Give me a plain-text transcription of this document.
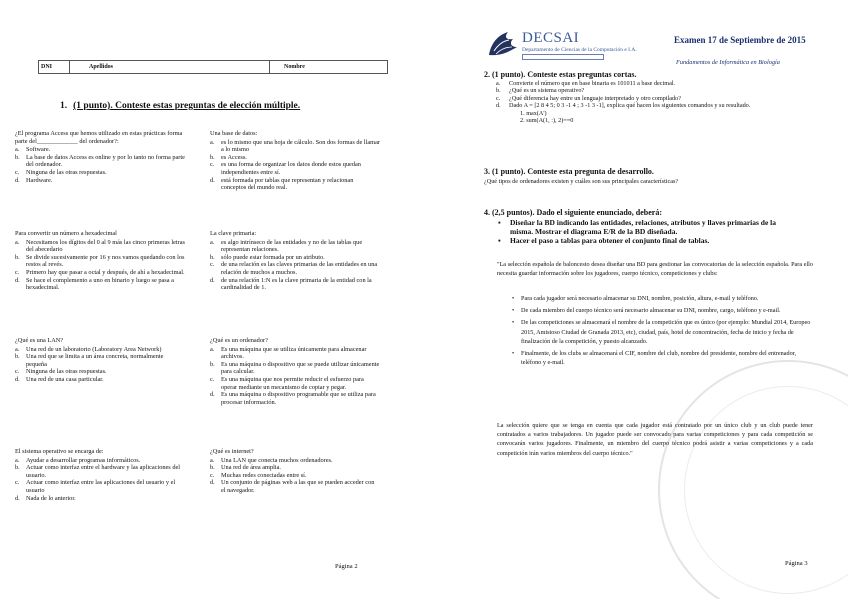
DNI	Apellidos	Nombre
1. (1 punto). Conteste estas preguntas de elección múltiple.
¿El programa Access que hemos utilizado en estas prácticas forma parte del_____________ del ordenador?:
a. Software.
b. La base de datos Access es online y por lo tanto no forma parte del ordenador.
c. Ninguna de las otras respuestas.
d. Hardware.
Una base de datos:
a. es lo mismo que una hoja de cálculo. Son dos formas de llamar a lo mismo
b. es Access.
c. es una forma de organizar los datos donde estos quedan independientes entre sí.
d. está formada por tablas que representan y relacionan conceptos del mundo real.
Para convertir un número a hexadecimal
a. Necesitamos los dígitos del 0 al 9 más las cinco primeras letras del abecedario
b. Se divide sucesivamente por 16 y nos vamos quedando con los restos al revés.
c. Primero hay que pasar a octal y después, de ahí a hexadecimal.
d. Se hace el complemento a uno en binario y luego se pasa a hexadecimal.
La clave primaria:
a. es algo intrínseco de las entidades y no de las tablas que representan relaciones.
b. sólo puede estar formada por un atributo.
c. de una relación es las claves primarias de las entidades en una relación de muchos a muchos.
d. de una relación 1:N es la clave primaria de la entidad con la cardinalidad de 1.
¿Qué es una LAN?
a. Una red de un laboratorio (Laboratory Area Network)
b. Una red que se limita a un área concreta, normalmente pequeña
c. Ninguna de las otras respuestas.
d. Una red de una casa particular.
¿Qué es un ordenador?
a. Es una máquina que se utiliza únicamente para almacenar archivos.
b. Es una máquina o dispositivo que se puede utilizar únicamente para calcular.
c. Es una máquina que nos permite reducir el esfuerzo para operar mediante un mecanismo de copiar y pegar.
d. Es una máquina o dispositivo programable que se utiliza para procesar información.
El sistema operativo se encarga de:
a. Ayudar a desarrollar programas informáticos.
b. Actuar como interfaz entre el hardware y las aplicaciones del usuario.
c. Actuar como interfaz entre las aplicaciones del usuario y el usuario
d. Nada de lo anterior.
¿Qué es internet?
a. Una LAN que conecta muchos ordenadores.
b. Una red de área amplia.
c. Muchas redes conectadas entre sí.
d. Un conjunto de páginas web a las que se pueden acceder con el navegador.
Página 2
DECSAI
Departamento de Ciencias de la Computación e I.A.
Examen 17 de Septiembre de 2015
Fundamentos de Informática en Biología
2. (1 punto). Conteste estas preguntas cortas.
a. Convierte el número que en base binaria es 101011 a base decimal.
b. ¿Qué es un sistema operativo?
c. ¿Qué diferencia hay entre un lenguaje interpretado y otro compilado?
d. Dado A = [2 8 4 5; 0 3 -1 4 ; 3 -1 3 -1], explica qué hacen los siguientes comandos y su resultado.
1. max(A')
2. sum(A(1, :), 2)==0
3. (1 punto). Conteste esta pregunta de desarrollo.
¿Qué tipos de ordenadores existen y cuáles son sus principales características?
4. (2,5 puntos). Dado el siguiente enunciado, deberá:
▪ Diseñar la BD indicando las entidades, relaciones, atributos y llaves primarias de la misma. Mostrar el diagrama E/R de la BD diseñada.
▪ Hacer el paso a tablas para obtener el conjunto final de tablas.
"La selección española de baloncesto desea diseñar una BD para gestionar las convocatorias de la selección española. Para ello necesita guardar información sobre los jugadores, cuerpo técnico, competiciones y clubs:
• Para cada jugador será necesario almacenar su DNI, nombre, posición, altura, e-mail y teléfono.
• De cada miembro del cuerpo técnico será necesario almacenar su DNI, nombre, cargo, teléfono y e-mail.
• De las competiciones se almacenará el nombre de la competición que es único (por ejemplo: Mundial 2014, Europeo 2015, Amistoso Ciudad de Granada 2013, etc), ciudad, país, hotel de concentración, fecha de inicio y fecha de finalización de la competición, y puesto alcanzado.
• Finalmente, de los clubs se almacenará el CIF, nombre del club, nombre del presidente, nombre del entrenador, teléfono y e-mail.
La selección quiere que se tenga en cuenta que cada jugador está contratado por un único club y un club puede tener contratados a varios trabajadores. Un jugador puede ser convocado para varias competiciones y para cada competición se convocarán varios jugadores. Finalmente, un miembro del cuerpo técnico podrá asistir a varias competiciones y a cada competición irán varios miembros del cuerpo técnico."
Página 3
